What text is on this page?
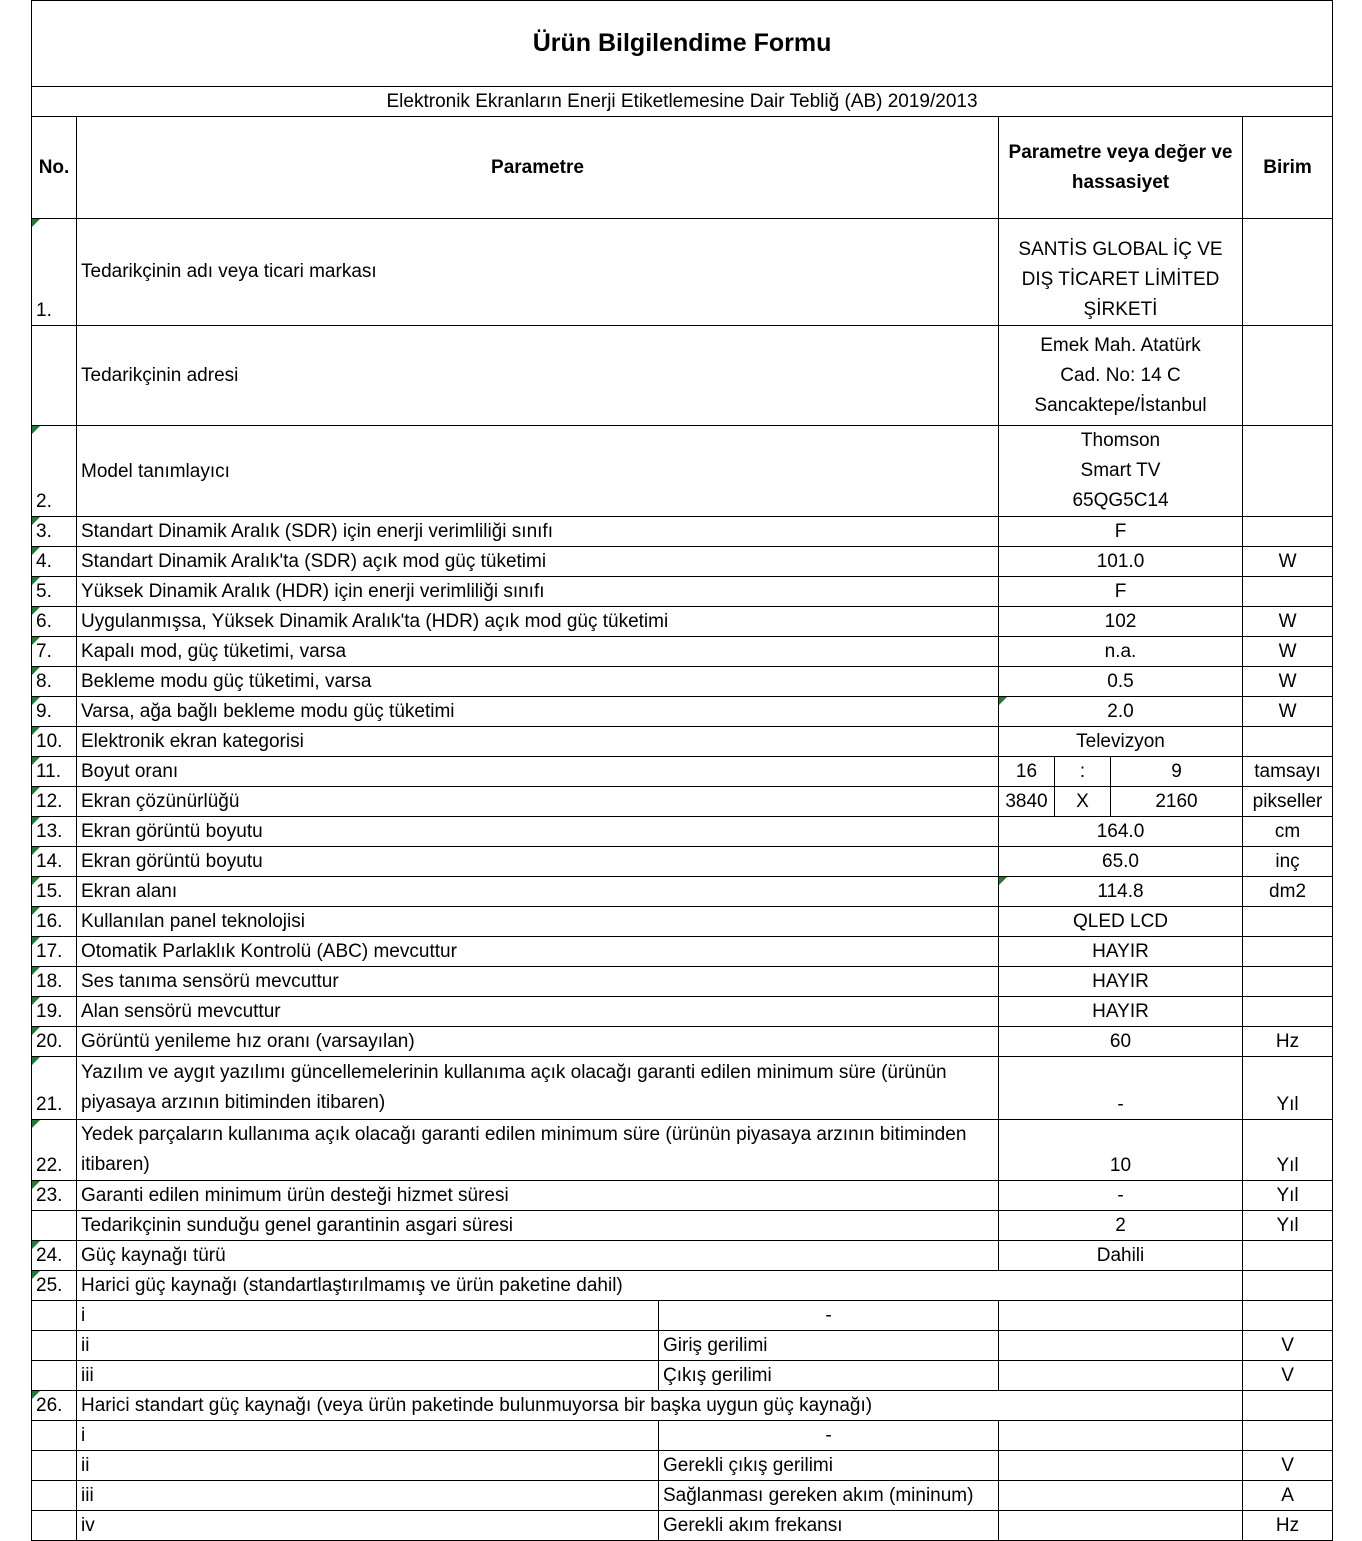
Ürün Bilgilendime Formu						
Elektronik Ekranların Enerji Etiketlemesine Dair Tebliğ (AB) 2019/2013						
No.	Parametre		Parametre veya değer ve hassasiyet			Birim

1.	Tedarikçinin adı veya ticari markası		SANTİS GLOBAL İÇ VE DIŞ TİCARET LİMİTED ŞİRKETİ			
	Tedarikçinin adresi		Emek Mah. Atatürk Cad. No: 14 C Sancaktepe/İstanbul			

2.	Model tanımlayıcı		Thomson Smart TV 65QG5C14			

3.	Standart Dinamik Aralık (SDR) için enerji verimliliği sınıfı		F			

4.	Standart Dinamik Aralık'ta (SDR) açık mod güç tüketimi		101.0			W

5.	Yüksek Dinamik Aralık (HDR) için enerji verimliliği sınıfı		F			

6.	Uygulanmışsa, Yüksek Dinamik Aralık'ta (HDR) açık mod güç tüketimi		102			W

7.	Kapalı mod, güç tüketimi, varsa		n.a.			W

8.	Bekleme modu güç tüketimi, varsa		0.5			W

9.	Varsa, ağa bağlı bekleme modu güç tüketimi		2.0			W

10.	Elektronik ekran kategorisi		Televizyon			

11.	Boyut oranı		16	:	9	tamsayı

12.	Ekran çözünürlüğü		3840	X	2160	pikseller

13.	Ekran görüntü boyutu		164.0			cm

14.	Ekran görüntü boyutu		65.0			inç

15.	Ekran alanı		114.8			dm2

16.	Kullanılan panel teknolojisi		QLED LCD			

17.	Otomatik Parlaklık Kontrolü (ABC) mevcuttur		HAYIR			

18.	Ses tanıma sensörü mevcuttur		HAYIR			

19.	Alan sensörü mevcuttur		HAYIR			

20.	Görüntü yenileme hız oranı (varsayılan)		60			Hz

21.	Yazılım ve aygıt yazılımı güncellemelerinin kullanıma açık olacağı garanti edilen minimum süre (ürünün piyasaya arzının bitiminden itibaren)		-			Yıl

22.	Yedek parçaların kullanıma açık olacağı garanti edilen minimum süre (ürünün piyasaya arzının bitiminden itibaren)		10			Yıl

23.	Garanti edilen minimum ürün desteği hizmet süresi		-			Yıl
	Tedarikçinin sunduğu genel garantinin asgari süresi		2			Yıl

24.	Güç kaynağı türü		Dahili			

25.	Harici güç kaynağı (standartlaştırılmamış ve ürün paketine dahil)					
	i	-				
	ii	Giriş gerilimi				V
	iii	Çıkış gerilimi				V

26.	Harici standart güç kaynağı (veya ürün paketinde bulunmuyorsa bir başka uygun güç kaynağı)					
	i	-				
	ii	Gerekli çıkış gerilimi				V
	iii	Sağlanması gereken akım (mininum)				A
	iv	Gerekli akım frekansı				Hz
